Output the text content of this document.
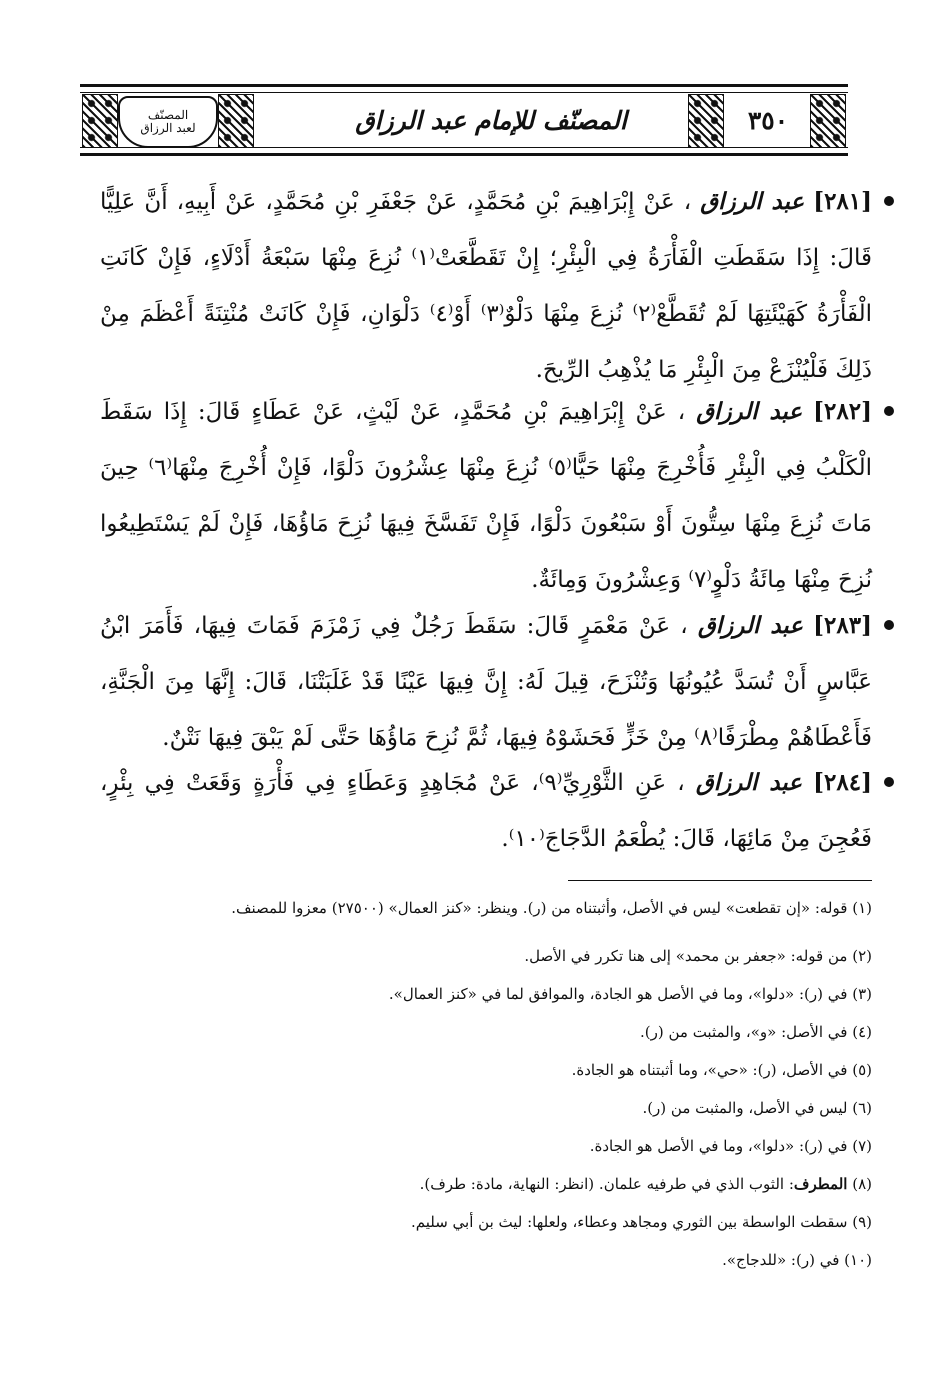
المصنّف
لعبد الرزاق	المصنّف للإمام عبد الرزاق	٣٥٠

[٢٨١] عبد الرزاق ، عَنْ إِبْرَاهِيمَ بْنِ مُحَمَّدٍ، عَنْ جَعْفَرِ بْنِ مُحَمَّدٍ، عَنْ أَبِيهِ، أَنَّ عَلِيًّا قَالَ: إِذَا سَقَطَتِ الْفَأْرَةُ فِي الْبِئْرِ؛ إِنْ تَقَطَّعَتْ⁽١⁾ نُزِعَ مِنْهَا سَبْعَةُ أَدْلَاءٍ، فَإِنْ كَانَتِ الْفَأْرَةُ كَهَيْئَتِهَا لَمْ تُقَطَّعْ⁽٢⁾ نُزِعَ مِنْهَا دَلْوٌ⁽٣⁾ أَوْ⁽٤⁾ دَلْوَانِ، فَإِنْ كَانَتْ مُنْتِنَةً أَعْظَمَ مِنْ ذَلِكَ فَلْيُنْزَعْ مِنَ الْبِئْرِ مَا يُذْهِبُ الرِّيحَ.

[٢٨٢] عبد الرزاق ، عَنْ إِبْرَاهِيمَ بْنِ مُحَمَّدٍ، عَنْ لَيْثٍ، عَنْ عَطَاءٍ قَالَ: إِذَا سَقَطَ الْكَلْبُ فِي الْبِئْرِ فَأُخْرِجَ مِنْهَا حَيًّا⁽٥⁾ نُزِعَ مِنْهَا عِشْرُونَ دَلْوًا، فَإِنْ أُخْرِجَ مِنْهَا⁽٦⁾ حِينَ مَاتَ نُزِعَ مِنْهَا سِتُّونَ أَوْ سَبْعُونَ دَلْوًا، فَإِنْ تَفَسَّخَ فِيهَا نُزِحَ مَاؤُهَا، فَإِنْ لَمْ يَسْتَطِيعُوا نُزِحَ مِنْهَا مِائَةُ دَلْوٍ⁽٧⁾ وَعِشْرُونَ وَمِائَةٌ.

[٢٨٣] عبد الرزاق ، عَنْ مَعْمَرٍ قَالَ: سَقَطَ رَجُلٌ فِي زَمْزَمَ فَمَاتَ فِيهَا، فَأَمَرَ ابْنُ عَبَّاسٍ أَنْ تُسَدَّ عُيُونُهَا وَتُنْزَحَ، قِيلَ لَهُ: إِنَّ فِيهَا عَيْنًا قَدْ غَلَبَتْنَا، قَالَ: إِنَّهَا مِنَ الْجَنَّةِ، فَأَعْطَاهُمْ مِطْرَفًا⁽٨⁾ مِنْ خَزٍّ فَحَشَوْهُ فِيهَا، ثُمَّ نُزِحَ مَاؤُهَا حَتَّى لَمْ يَبْقَ فِيهَا نَتْنٌ.

[٢٨٤] عبد الرزاق ، عَنِ الثَّوْرِيِّ⁽٩⁾، عَنْ مُجَاهِدٍ وَعَطَاءٍ فِي فَأْرَةٍ وَقَعَتْ فِي بِئْرٍ، فَعُجِنَ مِنْ مَائِهَا، قَالَ: يُطْعَمُ الدَّجَاجَ⁽١٠⁾.

(١) قوله: «إن تقطعت» ليس في الأصل، وأثبتناه من (ر). وينظر: «كنز العمال» (٢٧٥٠٠) معزوا للمصنف.
(٢) من قوله: «جعفر بن محمد» إلى هنا تكرر في الأصل.
(٣) في (ر): «دلوا»، وما في الأصل هو الجادة، والموافق لما في «كنز العمال».
(٤) في الأصل: «و»، والمثبت من (ر).
(٥) في الأصل، (ر): «حي»، وما أثبتناه هو الجادة.
(٦) ليس في الأصل، والمثبت من (ر).
(٧) في (ر): «دلوا»، وما في الأصل هو الجادة.
(٨) المطرف: الثوب الذي في طرفيه علمان. (انظر: النهاية، مادة: طرف).
(٩) سقطت الواسطة بين الثوري ومجاهد وعطاء، ولعلها: ليث بن أبي سليم.
(١٠) في (ر): «للدجاج».
